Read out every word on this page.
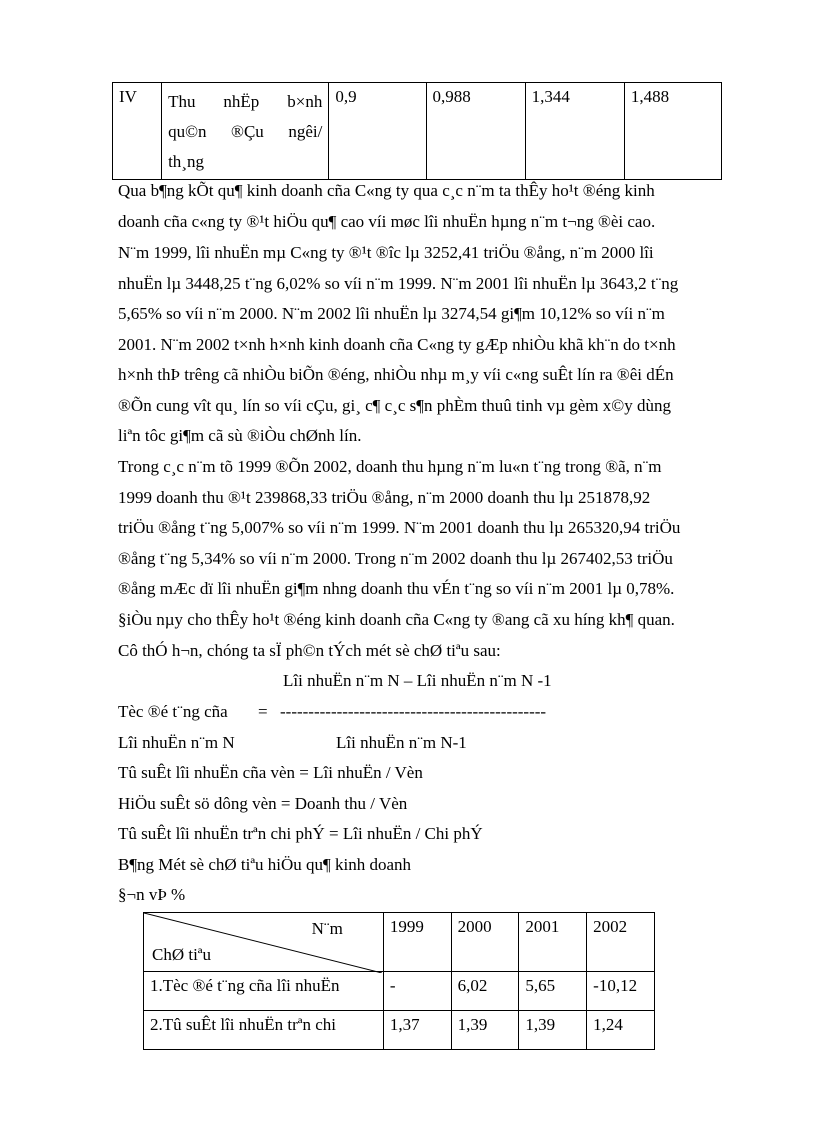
IV	Thu nhËp b×nh
qu©n ®Çu ngêi/
th¸ng
	0,9	0,988	1,344	1,488
Qua b¶ng kÕt qu¶ kinh doanh cña C«ng ty qua c¸c n¨m ta thÊy ho¹t ®éng kinh
doanh cña c«ng ty ®¹t hiÖu qu¶ cao víi møc lîi nhuËn hµng n¨m t¬ng ®èi cao.
N¨m 1999, lîi nhuËn mµ C«ng ty ®¹t ®îc lµ 3252,41 triÖu ®ång, n¨m 2000 lîi
nhuËn lµ 3448,25 t¨ng 6,02% so víi n¨m 1999. N¨m 2001 lîi nhuËn lµ 3643,2 t¨ng
5,65% so víi n¨m 2000. N¨m 2002 lîi nhuËn lµ 3274,54 gi¶m 10,12% so víi n¨m
2001. N¨m 2002 t×nh h×nh kinh doanh cña C«ng ty gÆp nhiÒu khã kh¨n do t×nh
h×nh thÞ trêng cã nhiÒu biÕn ®éng, nhiÒu nhµ m¸y víi c«ng suÊt lín ra ®êi dÉn
®Õn cung vît qu¸ lín so víi cÇu, gi¸ c¶ c¸c s¶n phÈm thuû tinh vµ gèm x©y dùng
liªn tôc gi¶m cã sù ®iÒu chØnh lín.
Trong c¸c n¨m tõ 1999 ®Õn 2002, doanh thu hµng n¨m lu«n t¨ng trong ®ã, n¨m
1999 doanh thu ®¹t 239868,33 triÖu ®ång, n¨m 2000 doanh thu lµ 251878,92
triÖu ®ång t¨ng 5,007% so víi n¨m 1999. N¨m 2001 doanh thu lµ 265320,94 triÖu
®ång t¨ng 5,34% so víi n¨m 2000. Trong n¨m 2002 doanh thu lµ 267402,53 triÖu
®ång mÆc dï lîi nhuËn gi¶m nhng doanh thu vÉn t¨ng so víi n¨m 2001 lµ 0,78%.
§iÒu nµy cho thÊy ho¹t ®éng kinh doanh cña C«ng ty ®ang cã xu híng kh¶ quan.
Cô thÓ h¬n, chóng ta sÏ ph©n tÝch mét sè chØ tiªu sau:
Lîi nhuËn n¨m N – Lîi nhuËn n¨m N -1
Tèc ®é t¨ng cña = -----------------------------------------------
Lîi nhuËn n¨m N	Lîi nhuËn n¨m N-1
Tû suÊt lîi nhuËn cña vèn = Lîi nhuËn / Vèn
HiÖu suÊt sö dông vèn = Doanh thu / Vèn
Tû suÊt lîi nhuËn trªn chi phÝ = Lîi nhuËn / Chi phÝ
B¶ng Mét sè chØ tiªu hiÖu qu¶ kinh doanh
§¬n vÞ %
N¨m
ChØ tiªu	1999	2000	2001	2002
1.Tèc ®é t¨ng cña lîi nhuËn	-	6,02	5,65	-10,12
2.Tû suÊt lîi nhuËn trªn chi	1,37	1,39	1,39	1,24
